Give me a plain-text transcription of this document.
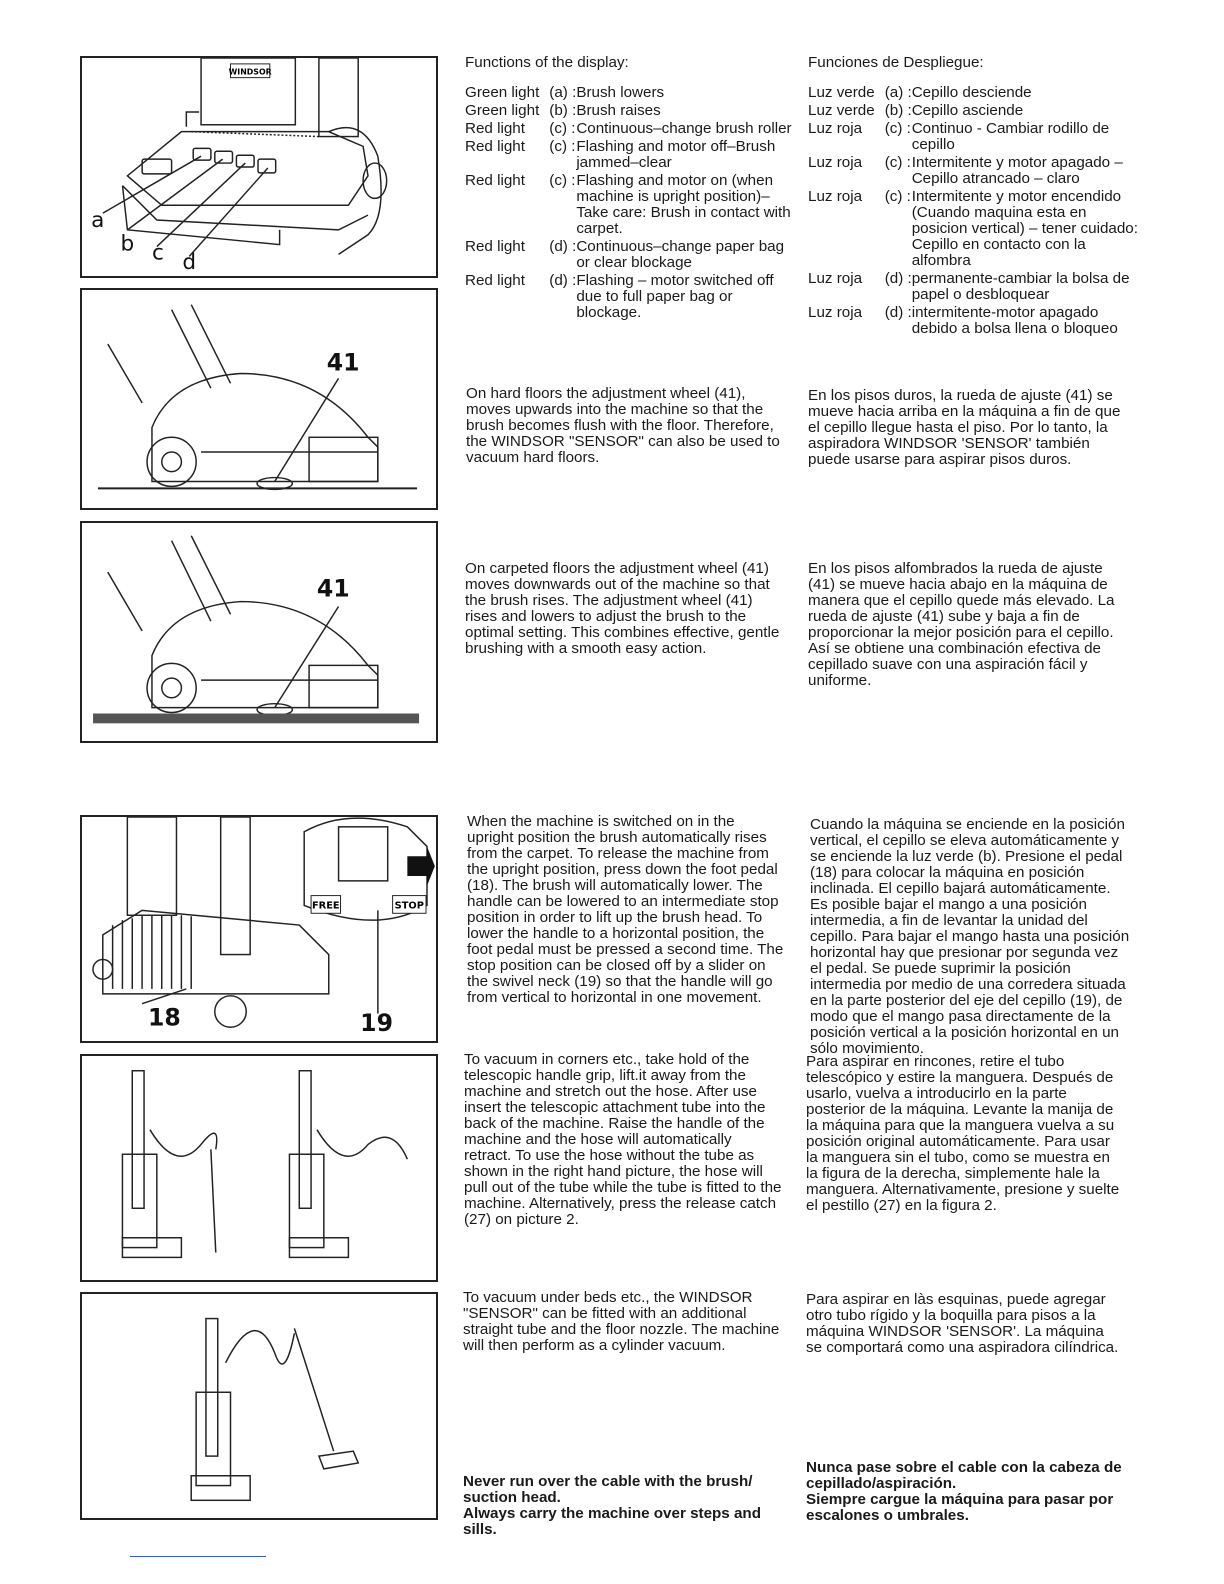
WINDSOR
a
b c d
41
41
FREE	STOP
18	19
Functions of the display:
Green light	(a) :	Brush lowers
Green light	(b) :	Brush raises
Red light	(c) :	Continuous–change brush roller
Red light	(c) :	Flashing and motor off–Brush jammed–clear
Red light	(c) :	Flashing and motor on (when machine is upright position)–Take care: Brush in contact with carpet.
Red light	(d) :	Continuous–change paper bag or clear blockage
Red light	(d) :	Flashing – motor switched off due to full paper bag or blockage.
Funciones de Despliegue:
Luz verde	(a) :	Cepillo desciende
Luz verde	(b) :	Cepillo asciende
Luz roja	(c) :	Continuo - Cambiar rodillo de cepillo
Luz roja	(c) :	Intermitente y motor apagado – Cepillo atrancado – claro
Luz roja	(c) :	Intermitente y motor encendido (Cuando maquina esta en posicion vertical) – tener cuidado: Cepillo en contacto con la alfombra
Luz roja	(d) :	permanente-cambiar la bolsa de papel o desbloquear
Luz roja	(d) :	intermitente-motor apagado debido a bolsa llena o bloqueo
On hard floors the adjustment wheel (41), moves upwards into the machine so that the brush becomes flush with the floor. Therefore, the WINDSOR "SENSOR" can also be used to vacuum hard floors.
En los pisos duros, la rueda de ajuste (41) se mueve hacia arriba en la máquina a fin de que el cepillo llegue hasta el piso. Por lo tanto, la aspiradora WINDSOR 'SENSOR' también puede usarse para aspirar pisos duros.
On carpeted floors the adjustment wheel (41) moves downwards out of the machine so that the brush rises. The adjustment wheel (41) rises and lowers to adjust the brush to the optimal setting. This combines effective, gentle brushing with a smooth easy action.
En los pisos alfombrados la rueda de ajuste (41) se mueve hacia abajo en la máquina de manera que el cepillo quede más elevado. La rueda de ajuste (41) sube y baja a fin de proporcionar la mejor posición para el cepillo. Así se obtiene una combinación efectiva de cepillado suave con una aspiración fácil y uniforme.
When the machine is switched on in the upright position the brush automatically rises from the carpet. To release the machine from the upright position, press down the foot pedal (18). The brush will automatically lower. The handle can be lowered to an intermediate stop position in order to lift up the brush head. To lower the handle to a horizontal position, the foot pedal must be pressed a second time. The stop position can be closed off by a slider on the swivel neck (19) so that the handle will go from vertical to horizontal in one movement.
Cuando la máquina se enciende en la posición vertical, el cepillo se eleva automáticamente y se enciende la luz verde (b). Presione el pedal (18) para colocar la máquina en posición inclinada. El cepillo bajará automáticamente. Es posible bajar el mango a una posición intermedia, a fin de levantar la unidad del cepillo. Para bajar el mango hasta una posición horizontal hay que presionar por segunda vez el pedal. Se puede suprimir la posición intermedia por medio de una corredera situada en la parte posterior del eje del cepillo (19), de modo que el mango pasa directamente de la posición vertical a la posición horizontal en un sólo movimiento.
To vacuum in corners etc., take hold of the telescopic handle grip, lift.it away from the machine and stretch out the hose. After use insert the telescopic attachment tube into the back of the machine. Raise the handle of the machine and the hose will automatically retract. To use the hose without the tube as shown in the right hand picture, the hose will pull out of the tube while the tube is fitted to the machine. Alternatively, press the release catch (27) on picture 2.
Para aspirar en rincones, retire el tubo telescópico y estire la manguera. Después de usarlo, vuelva a introducirlo en la parte posterior de la máquina. Levante la manija de la máquina para que la manguera vuelva a su posición original automáticamente. Para usar la manguera sin el tubo, como se muestra en la figura de la derecha, simplemente hale la manguera. Alternativamente, presione y suelte el pestillo (27) en la figura 2.
To vacuum under beds etc., the WINDSOR "SENSOR" can be fitted with an additional straight tube and the floor nozzle. The machine will then perform as a cylinder vacuum.
Para aspirar en làs esquinas, puede agregar otro tubo rígido y la boquilla para pisos a la máquina WINDSOR 'SENSOR'. La máquina se comportará como una aspiradora cilíndrica.

Never run over the cable with the brush/ suction head.

Always carry the machine over steps and sills.

Nunca pase sobre el cable con la cabeza de cepillado/aspiración.

Siempre cargue la máquina para pasar por escalones o umbrales.
